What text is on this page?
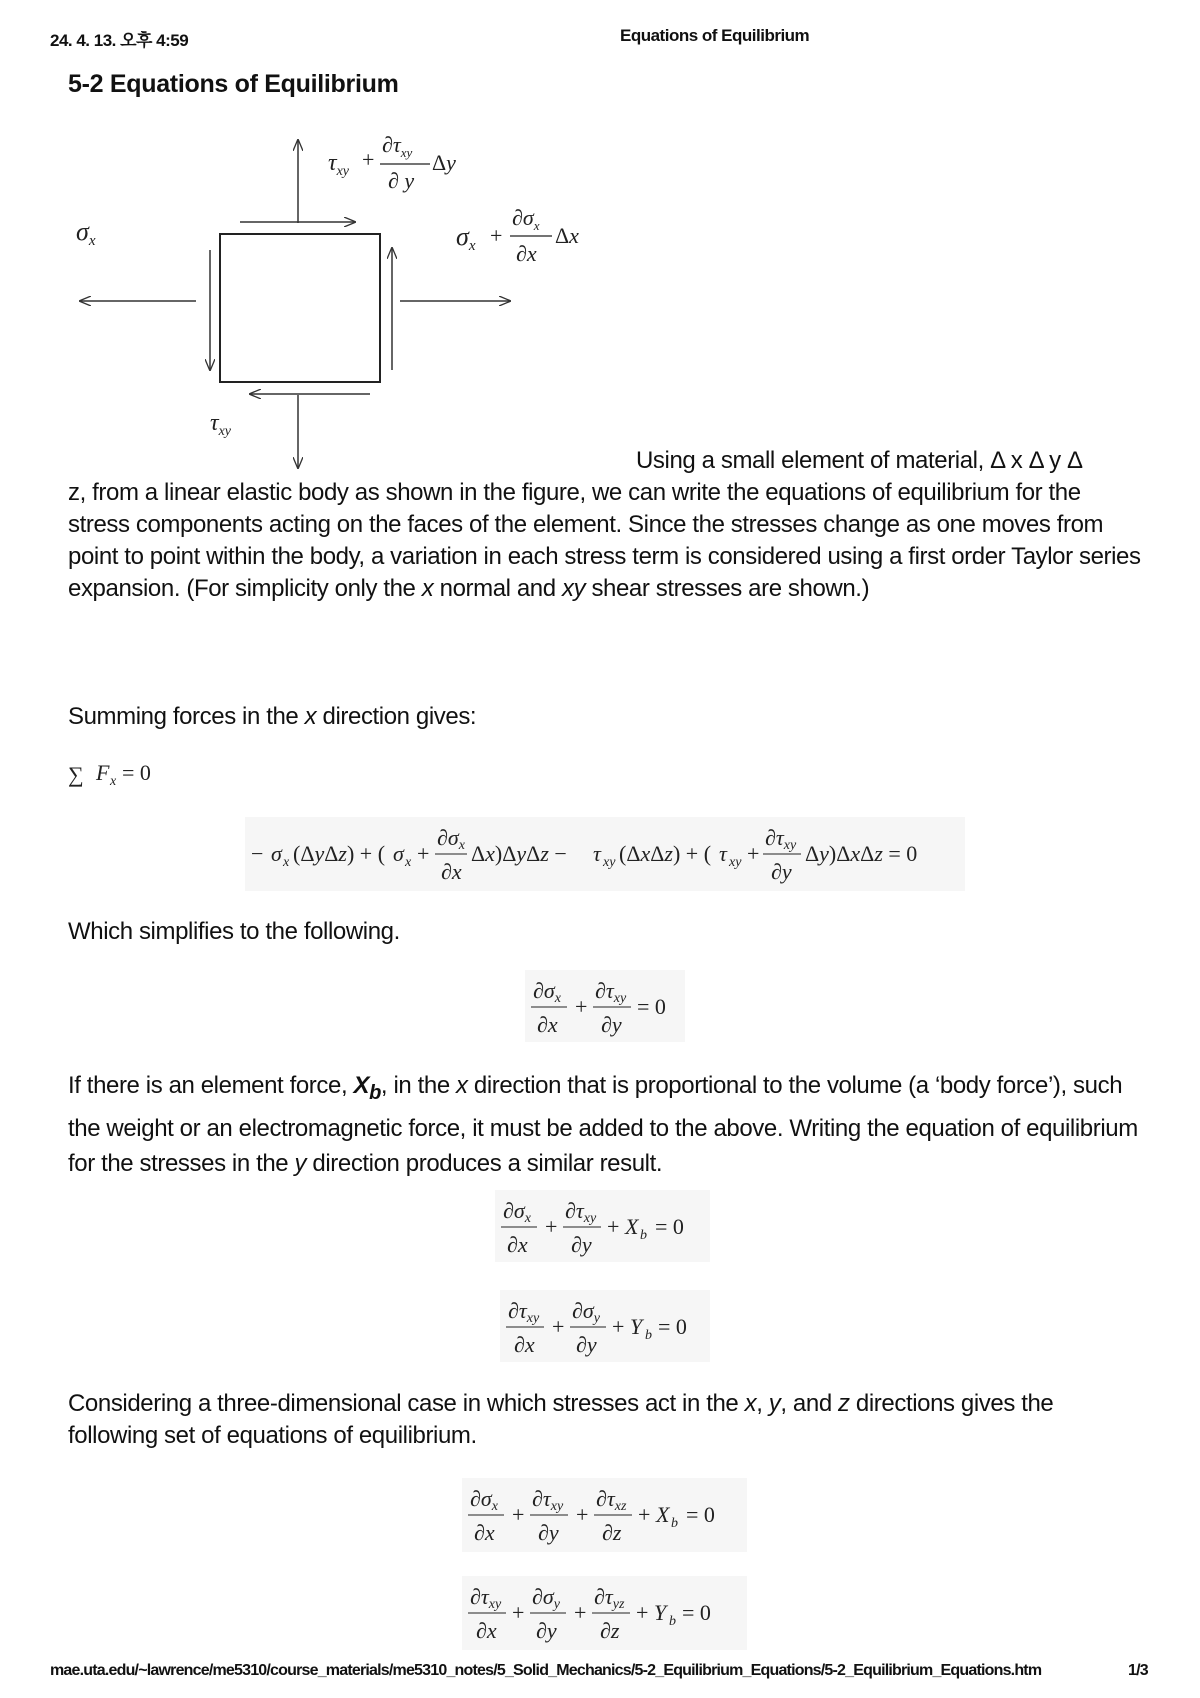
24. 4. 13. 오후 4:59	Equations of Equilibrium
5-2 Equations of Equilibrium
$\tau_{xy}$ +
$\partial\tau_{xy}$
∂ y
Δy
σx	σx +
$\partial\sigma_x$
∂x
Δx
$\tau_{xy}$

Using a small element of material, Δ x Δ y Δ
z, from a linear elastic body as shown in the figure, we can write the equations of equilibrium for the stress components acting on the faces of the element. Since the stresses change as one moves from point to point within the body, a variation in each stress term is considered using a first order Taylor series expansion. (For simplicity only the x normal and xy shear stresses are shown.)

Summing forces in the x direction gives:

∑ F x = 0
− σ x (ΔyΔz) + ( σ x +
∂σx
∂x
Δx)ΔyΔz − τ xy (ΔxΔz) + ( τ xy +
∂τxy
∂y
Δy)ΔxΔz = 0

Which simplifies to the following.

∂σx
∂x
+
∂τxy
∂y
= 0

If there is an element force, $X_b$, in the x direction that is proportional to the volume (a ‘body force’), such the weight or an electromagnetic force, it must be added to the above. Writing the equation of equilibrium for the stresses in the y direction produces a similar result.

∂σx
∂x
+
∂τxy
∂y
+ X b = 0
∂τxy
∂x
+
∂σy
∂y
+ Y b = 0

Considering a three-dimensional case in which stresses act in the x, y, and z directions gives the following set of equations of equilibrium.

∂σx
∂x
+
∂τxy
∂y
+
∂τxz
∂z
+ X b = 0
∂τxy
∂x
+
∂σy
∂y
+
∂τyz
∂z
+ Y b = 0
mae.uta.edu/~lawrence/me5310/course_materials/me5310_notes/5_Solid_Mechanics/5-2_Equilibrium_Equations/5-2_Equilibrium_Equations.htm	1/3
